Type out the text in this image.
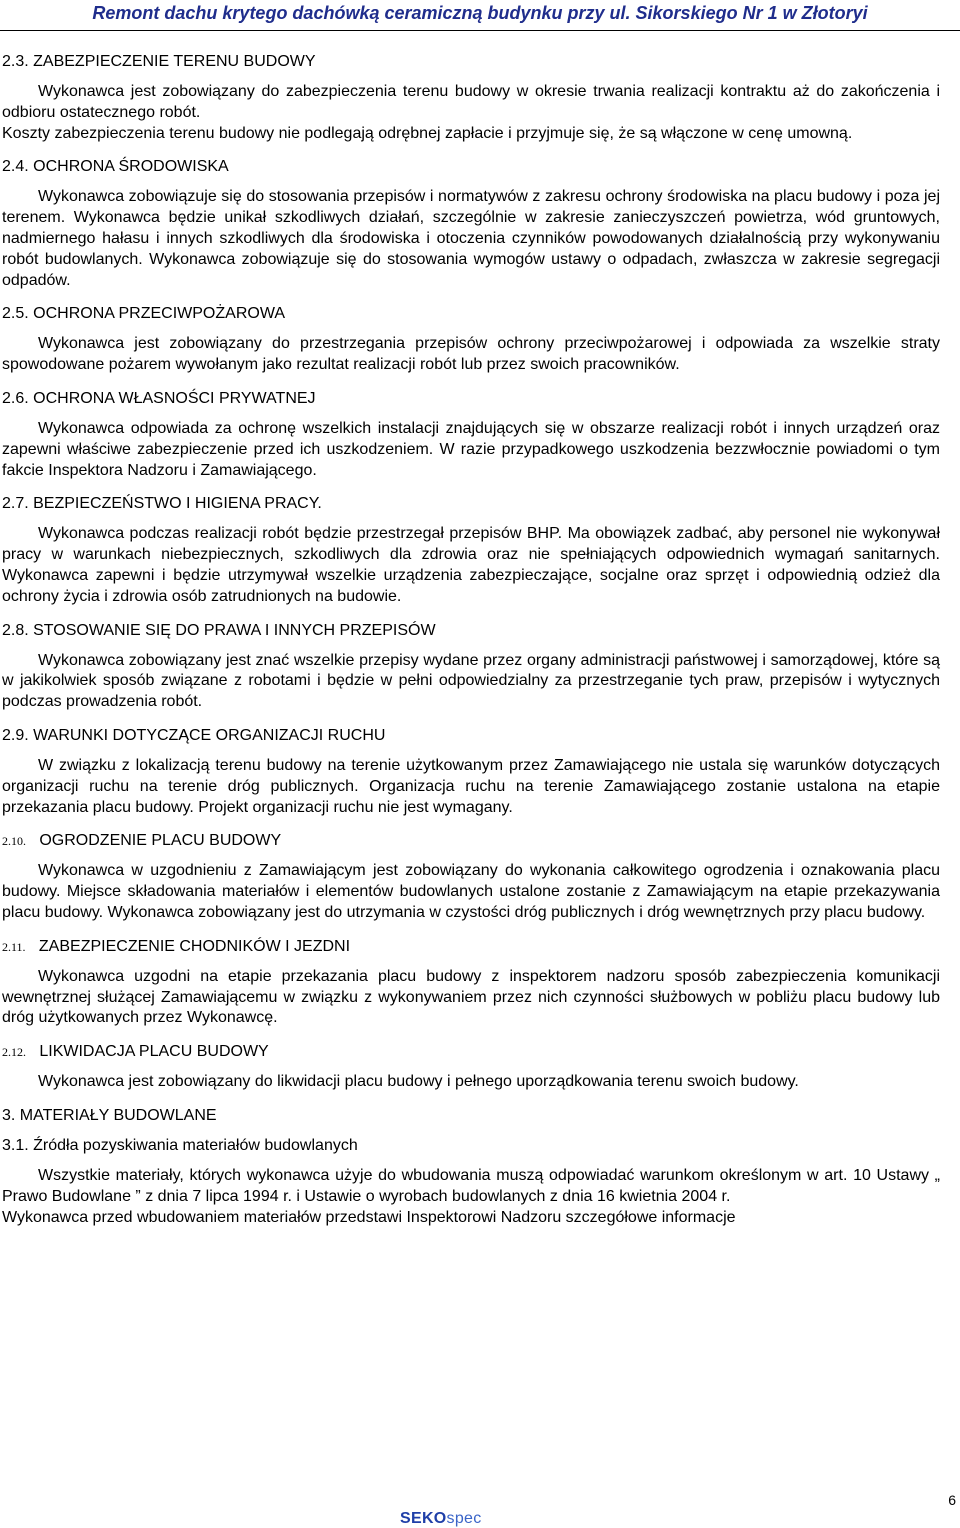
Remont dachu krytego dachówką ceramiczną budynku przy ul. Sikorskiego Nr 1 w Złotoryi
2.3. ZABEZPIECZENIE TERENU BUDOWY

Wykonawca jest zobowiązany do zabezpieczenia terenu budowy w okresie trwania realizacji kontraktu aż do zakończenia i odbioru ostatecznego robót.

Koszty zabezpieczenia terenu budowy nie podlegają odrębnej zapłacie i przyjmuje się, że są włączone w cenę umowną.

2.4. OCHRONA ŚRODOWISKA

Wykonawca zobowiązuje się do stosowania przepisów i normatywów z zakresu ochrony środowiska na placu budowy i poza jej terenem. Wykonawca będzie unikał szkodliwych działań, szczególnie w zakresie zanieczyszczeń powietrza, wód gruntowych, nadmiernego hałasu i innych szkodliwych dla środowiska i otoczenia czynników powodowanych działalnością przy wykonywaniu robót budowlanych. Wykonawca zobowiązuje się do stosowania wymogów ustawy o odpadach, zwłaszcza w zakresie segregacji odpadów.

2.5. OCHRONA PRZECIWPOŻAROWA

Wykonawca jest zobowiązany do przestrzegania przepisów ochrony przeciwpożarowej i odpowiada za wszelkie straty spowodowane pożarem wywołanym jako rezultat realizacji robót lub przez swoich pracowników.

2.6. OCHRONA WŁASNOŚCI PRYWATNEJ

Wykonawca odpowiada za ochronę wszelkich instalacji znajdujących się w obszarze realizacji robót i innych urządzeń oraz zapewni właściwe zabezpieczenie przed ich uszkodzeniem. W razie przypadkowego uszkodzenia bezzwłocznie powiadomi o tym fakcie Inspektora Nadzoru i Zamawiającego.

2.7. BEZPIECZEŃSTWO I HIGIENA PRACY.

Wykonawca podczas realizacji robót będzie przestrzegał przepisów BHP. Ma obowiązek zadbać, aby personel nie wykonywał pracy w warunkach niebezpiecznych, szkodliwych dla zdrowia oraz nie spełniających odpowiednich wymagań sanitarnych. Wykonawca zapewni i będzie utrzymywał wszelkie urządzenia zabezpieczające, socjalne oraz sprzęt i odpowiednią odzież dla ochrony życia i zdrowia osób zatrudnionych na budowie.

2.8. STOSOWANIE SIĘ DO PRAWA I INNYCH PRZEPISÓW

Wykonawca zobowiązany jest znać wszelkie przepisy wydane przez organy administracji państwowej i samorządowej, które są w jakikolwiek sposób związane z robotami i będzie w pełni odpowiedzialny za przestrzeganie tych praw, przepisów i wytycznych podczas prowadzenia robót.

2.9. WARUNKI DOTYCZĄCE ORGANIZACJI RUCHU

W związku z lokalizacją terenu budowy na terenie użytkowanym przez Zamawiającego nie ustala się warunków dotyczących organizacji ruchu na terenie dróg publicznych. Organizacja ruchu na terenie Zamawiającego zostanie ustalona na etapie przekazania placu budowy. Projekt organizacji ruchu nie jest wymagany.

2.10. OGRODZENIE PLACU BUDOWY

Wykonawca w uzgodnieniu z Zamawiającym jest zobowiązany do wykonania całkowitego ogrodzenia i oznakowania placu budowy. Miejsce składowania materiałów i elementów budowlanych ustalone zostanie z Zamawiającym na etapie przekazywania placu budowy. Wykonawca zobowiązany jest do utrzymania w czystości dróg publicznych i dróg wewnętrznych przy placu budowy.

2.11. ZABEZPIECZENIE CHODNIKÓW I JEZDNI

Wykonawca uzgodni na etapie przekazania placu budowy z inspektorem nadzoru sposób zabezpieczenia komunikacji wewnętrznej służącej Zamawiającemu w związku z wykonywaniem przez nich czynności służbowych w pobliżu placu budowy lub dróg użytkowanych przez Wykonawcę.

2.12. LIKWIDACJA PLACU BUDOWY

Wykonawca jest zobowiązany do likwidacji placu budowy i pełnego uporządkowania terenu swoich budowy.

3. MATERIAŁY BUDOWLANE
3.1. Źródła pozyskiwania materiałów budowlanych

Wszystkie materiały, których wykonawca użyje do wbudowania muszą odpowiadać warunkom określonym w art. 10 Ustawy „ Prawo Budowlane ” z dnia 7 lipca 1994 r. i Ustawie o wyrobach budowlanych z dnia 16 kwietnia 2004 r.

Wykonawca przed wbudowaniem materiałów przedstawi Inspektorowi Nadzoru szczegółowe informacje

6
SEKOspec
